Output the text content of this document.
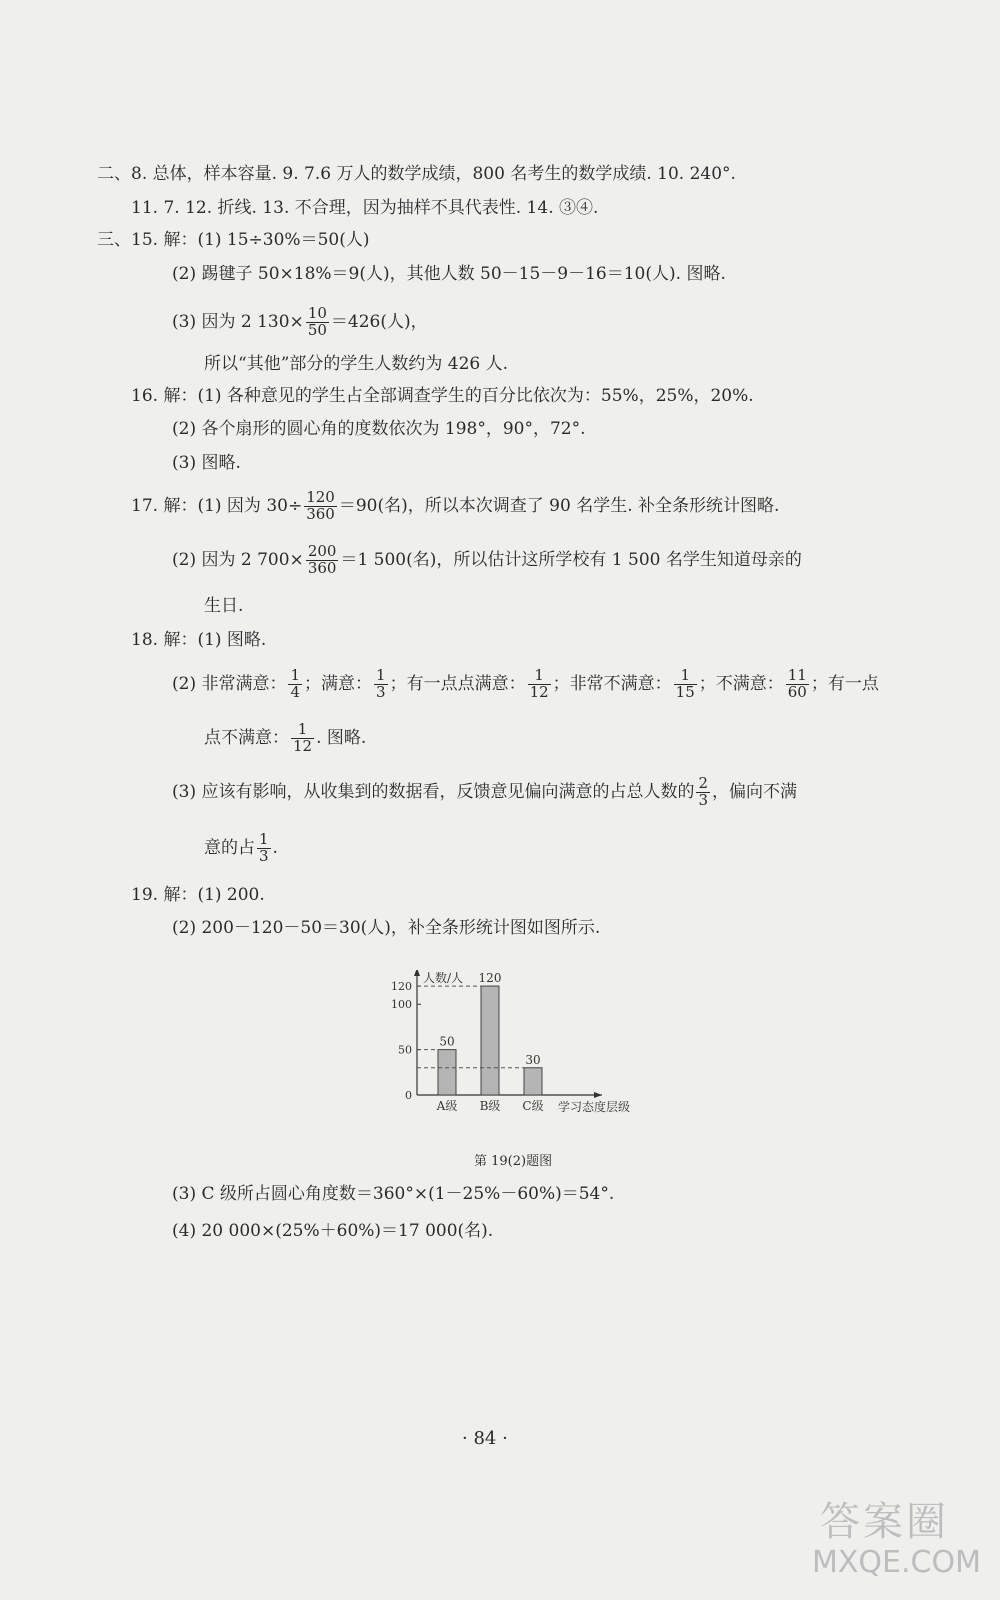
二、8. 总体，样本容量. 9. 7.6 万人的数学成绩，800 名考生的数学成绩. 10. 240°.
11. 7. 12. 折线. 13. 不合理，因为抽样不具代表性. 14. ③④.
三、15. 解：(1) 15÷30%＝50(人)
(2) 踢毽子 50×18%＝9(人)，其他人数 50－15－9－16＝10(人). 图略.
(3) 因为 2 $130\times \frac{10}{50} =426$(人)，
所以“其他”部分的学生人数约为 426 人.
16. 解：(1) 各种意见的学生占全部调查学生的百分比依次为：55%，25%，20%.
(2) 各个扇形的圆心角的度数依次为 198°，90°，72°.
(3) 图略.
17. 解：(1) 因为 $30\div \frac{120}{360} =90$(名)，所以本次调查了 90 名学生. 补全条形统计图略.
(2) 因为 2 $700\times \frac{200}{360} =1$ 500(名)，所以估计这所学校有 1 500 名学生知道母亲的
生日.
18. 解：(1) 图略.
(2) 非常满意： $\frac{1}{4}$ ；满意： $\frac{1}{3}$ ；有一点点满意： $\frac{1}{12}$ ；非常不满意： $\frac{1}{15}$ ；不满意： $\frac{11}{60}$ ；有一点
点不满意： $\frac{1}{12}$ . 图略.
(3) 应该有影响，从收集到的数据看，反馈意见偏向满意的占总人数的 $\frac{2}{3}$ ，偏向不满
意的占 $\frac{1}{3}$ .
19. 解：(1) 200.
(2) 200－120－50＝30(人)，补全条形统计图如图所示.
人数/人
学习态度层级
0
50
100
120
50
A级
120
B级
30
C级
第 19(2)题图
(3) C 级所占圆心角度数＝360°×(1－25%－60%)＝54°.
(4) 20 000×(25%＋60%)＝17 000(名).
· 84 ·
答案圈
MXQE.COM
